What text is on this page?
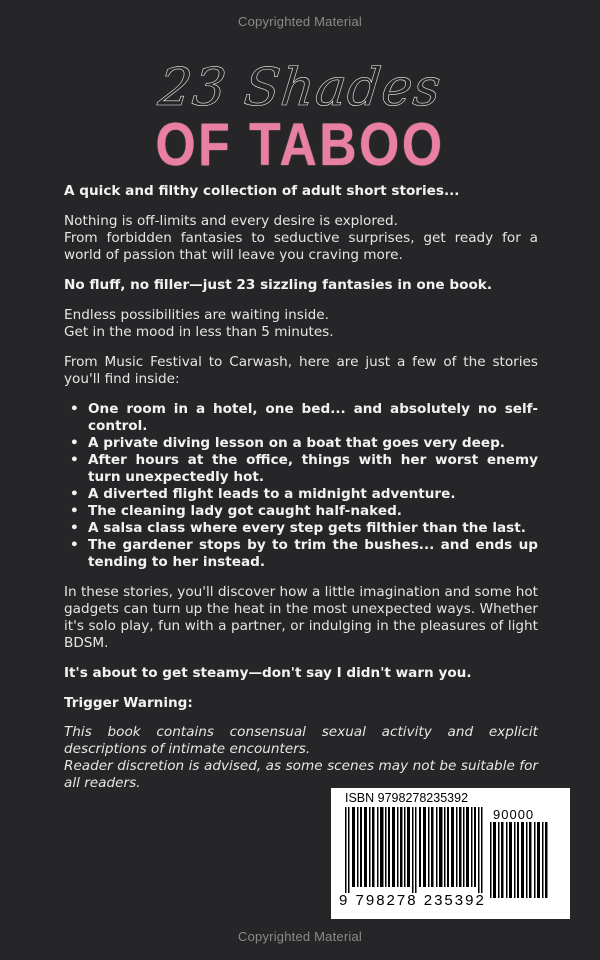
Copyrighted Material
23 Shades
OF TABOO

A quick and filthy collection of adult short stories...

Nothing is off-limits and every desire is explored.
From forbidden fantasies to seductive surprises, get ready for a world of passion that will leave you craving more.

No fluff, no filler—just 23 sizzling fantasies in one book.

Endless possibilities are waiting inside.
Get in the mood in less than 5 minutes.

From Music Festival to Carwash, here are just a few of the stories you'll find inside:

• One room in a hotel, one bed... and absolutely no self-control.
• A private diving lesson on a boat that goes very deep.
• After hours at the office, things with her worst enemy turn unexpectedly hot.
• A diverted flight leads to a midnight adventure.
• The cleaning lady got caught half-naked.
• A salsa class where every step gets filthier than the last.
• The gardener stops by to trim the bushes... and ends up tending to her instead.

In these stories, you'll discover how a little imagination and some hot gadgets can turn up the heat in the most unexpected ways. Whether it's solo play, fun with a partner, or indulging in the pleasures of light BDSM.

It's about to get steamy—don't say I didn't warn you.

Trigger Warning:

This book contains consensual sexual activity and explicit descriptions of intimate encounters.
Reader discretion is advised, as some scenes may not be suitable for all readers.

ISBN 9798278235392
90000
9 798278 235392
Copyrighted Material
